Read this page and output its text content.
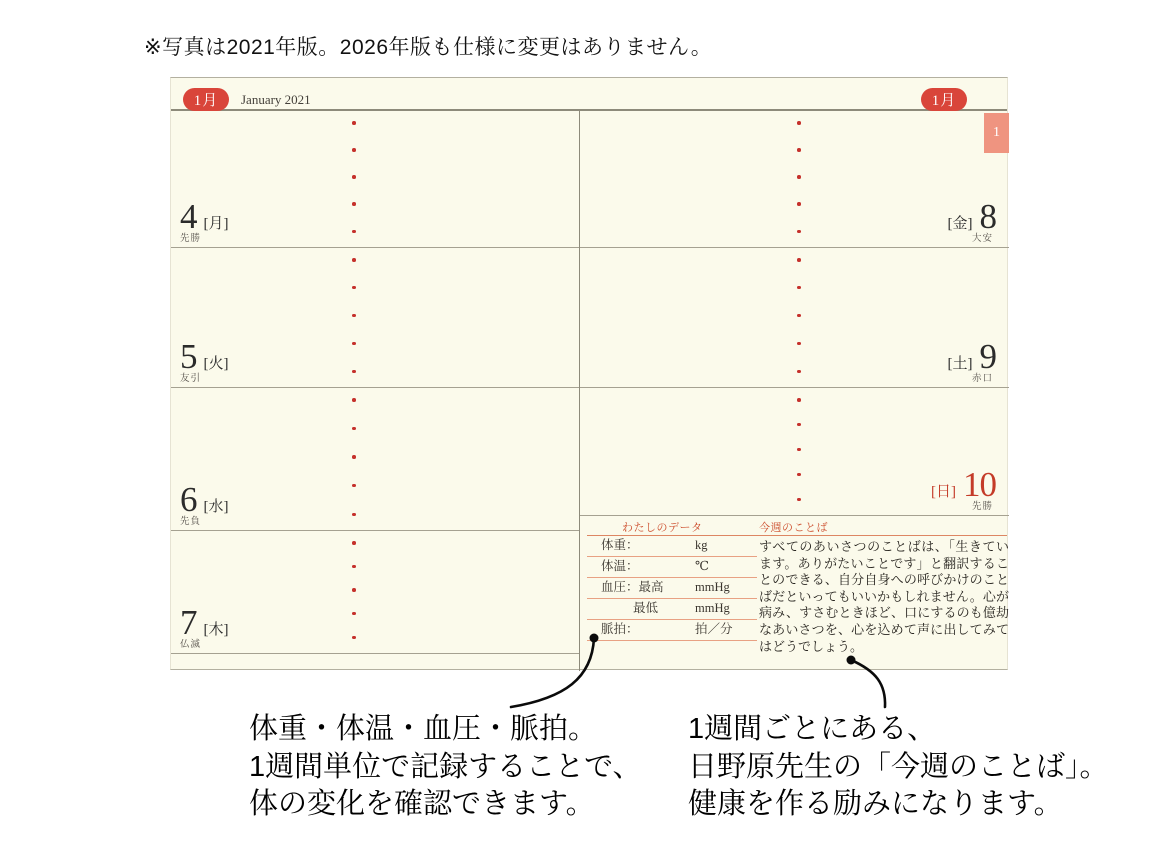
※写真は2021年版。2026年版も仕様に変更はありません。
1月	January 2021	1月
4 [月]
先勝
5 [火]
友引
6 [水]
先負
7 [木]
仏滅
1
[金] 8
大安
[土] 9
赤口
[日] 10
先勝
わたしのデータ	今週のことば
体重：	kg
体温：	℃
血圧：最高	mmHg
最低	mmHg
脈拍：	拍／分
すべてのあいさつのことばは、「生きています。ありがたいことです」と翻訳することのできる、自分自身への呼びかけのことばだといってもいいかもしれません。心が病み、すさむときほど、口にするのも億劫なあいさつを、心を込めて声に出してみてはどうでしょう。
体重・体温・血圧・脈拍。
1週間単位で記録することで、
体の変化を確認できます。
1週間ごとにある、
日野原先生の「今週のことば」。
健康を作る励みになります。
